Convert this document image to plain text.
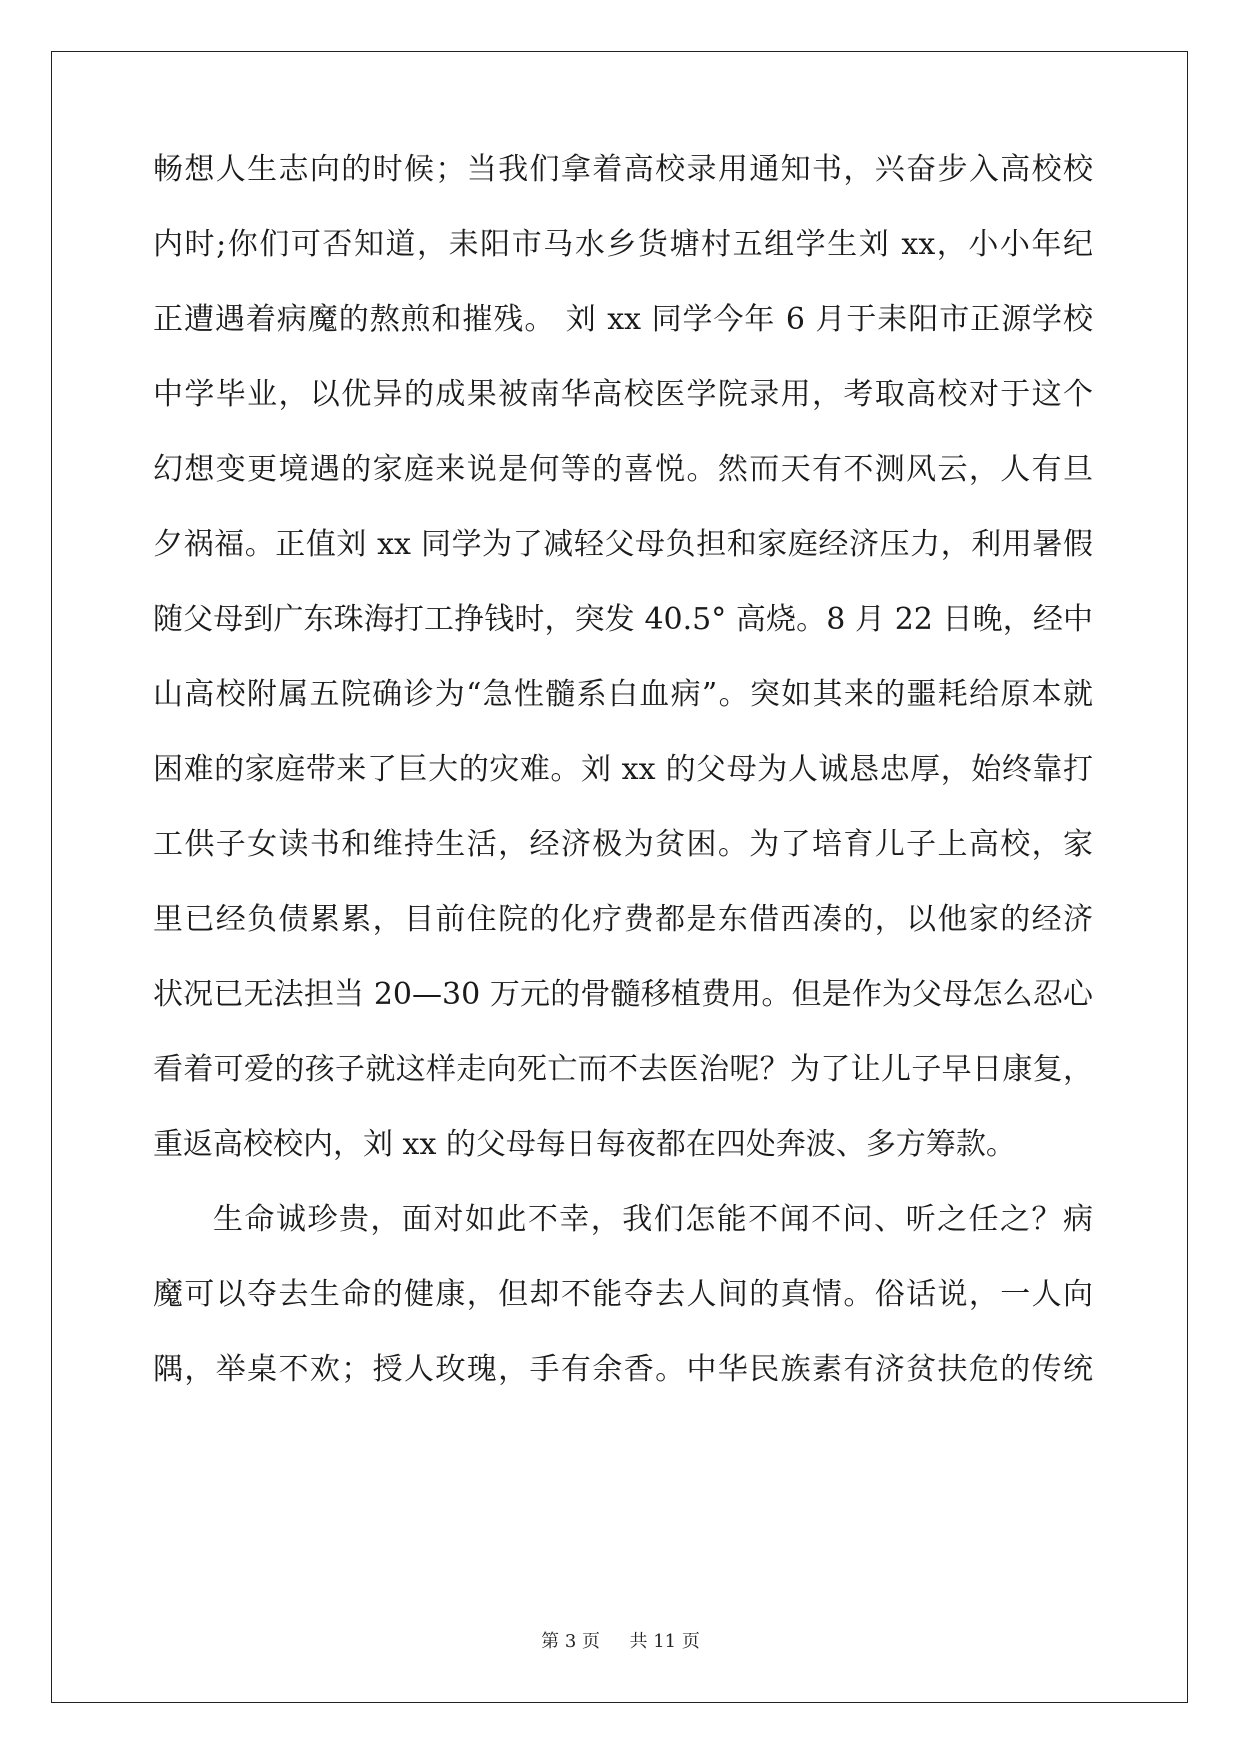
畅想人生志向的时候；当我们拿着高校录用通知书，兴奋步入高校校
内时;你们可否知道，耒阳市马水乡货塘村五组学生刘 xx，小小年纪
正遭遇着病魔的熬煎和摧残。 刘 xx 同学今年 6 月于耒阳市正源学校
中学毕业，以优异的成果被南华高校医学院录用，考取高校对于这个
幻想变更境遇的家庭来说是何等的喜悦。然而天有不测风云，人有旦
夕祸福。正值刘 xx 同学为了减轻父母负担和家庭经济压力，利用暑假
随父母到广东珠海打工挣钱时，突发 40.5° 高烧。8 月 22 日晚，经中
山高校附属五院确诊为“急性髓系白血病”。突如其来的噩耗给原本就
困难的家庭带来了巨大的灾难。刘 xx 的父母为人诚恳忠厚，始终靠打
工供子女读书和维持生活，经济极为贫困。为了培育儿子上高校，家
里已经负债累累，目前住院的化疗费都是东借西凑的，以他家的经济
状况已无法担当 20—30 万元的骨髓移植费用。但是作为父母怎么忍心
看着可爱的孩子就这样走向死亡而不去医治呢？为了让儿子早日康复，
重返高校校内，刘 xx 的父母每日每夜都在四处奔波、多方筹款。
生命诚珍贵，面对如此不幸，我们怎能不闻不问、听之任之？病
魔可以夺去生命的健康，但却不能夺去人间的真情。俗话说，一人向
隅，举桌不欢；授人玫瑰，手有余香。中华民族素有济贫扶危的传统
第 3 页 共 11 页
